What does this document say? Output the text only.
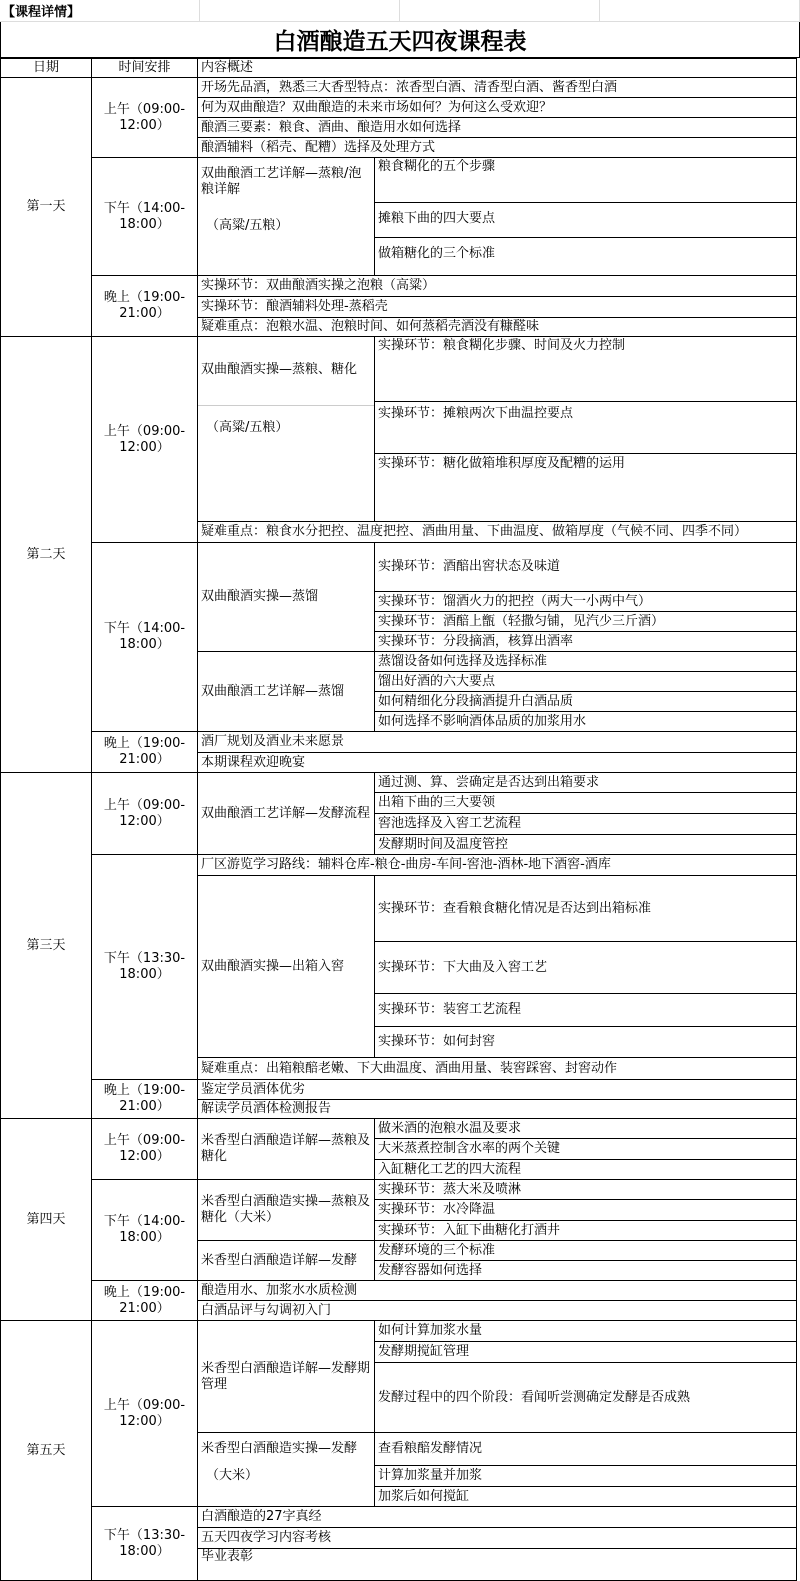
【课程详情】
白酒酿造五天四夜课程表
日期	时间安排	内容概述
第一天
上午（09:00-
12:00）
开场先品酒，熟悉三大香型特点：浓香型白酒、清香型白酒、酱香型白酒
何为双曲酿造？双曲酿造的未来市场如何？为何这么受欢迎？
酿酒三要素：粮食、酒曲、酿造用水如何选择
酿酒辅料（稻壳、配糟）选择及处理方式
下午（14:00-
18:00）
双曲酿酒工艺详解—蒸粮/泡粮详解
（高粱/五粮）
粮食糊化的五个步骤
摊粮下曲的四大要点
做箱糖化的三个标准
晚上（19:00-
21:00）
实操环节：双曲酿酒实操之泡粮（高粱）
实操环节：酿酒辅料处理-蒸稻壳
疑难重点：泡粮水温、泡粮时间、如何蒸稻壳酒没有糠醛味
第二天
上午（09:00-
12:00）
双曲酿酒实操—蒸粮、糖化
（高粱/五粮）
实操环节：粮食糊化步骤、时间及火力控制
实操环节：摊粮两次下曲温控要点
实操环节：糖化做箱堆积厚度及配糟的运用
疑难重点：粮食水分把控、温度把控、酒曲用量、下曲温度、做箱厚度（气候不同、四季不同）
下午（14:00-
18:00）
双曲酿酒实操—蒸馏
实操环节：酒醅出窖状态及味道
实操环节：馏酒火力的把控（两大一小两中气）
实操环节：酒醅上甑（轻撒匀铺，见汽少三斤酒）
实操环节：分段摘酒，核算出酒率
双曲酿酒工艺详解—蒸馏
蒸馏设备如何选择及选择标准
馏出好酒的六大要点
如何精细化分段摘酒提升白酒品质
如何选择不影响酒体品质的加浆用水
晚上（19:00-
21:00）
酒厂规划及酒业未来愿景
本期课程欢迎晚宴
第三天
上午（09:00-
12:00）
双曲酿酒工艺详解—发酵流程
通过测、算、尝确定是否达到出箱要求
出箱下曲的三大要领
窖池选择及入窖工艺流程
发酵期时间及温度管控
下午（13:30-
18:00）
厂区游览学习路线：辅料仓库-粮仓-曲房-车间-窖池-酒林-地下酒窖-酒库
双曲酿酒实操—出箱入窖
实操环节：查看粮食糖化情况是否达到出箱标准
实操环节：下大曲及入窖工艺
实操环节：装窖工艺流程
实操环节：如何封窖
疑难重点：出箱粮醅老嫩、下大曲温度、酒曲用量、装窖踩窖、封窖动作
晚上（19:00-
21:00）
鉴定学员酒体优劣
解读学员酒体检测报告
第四天
上午（09:00-
12:00）
米香型白酒酿造详解—蒸粮及糖化
做米酒的泡粮水温及要求
大米蒸煮控制含水率的两个关键
入缸糖化工艺的四大流程
下午（14:00-
18:00）
米香型白酒酿造实操—蒸粮及糖化（大米）
实操环节：蒸大米及喷淋
实操环节：水冷降温
实操环节：入缸下曲糖化打酒井
米香型白酒酿造详解—发酵
发酵环境的三个标准
发酵容器如何选择
晚上（19:00-
21:00）
酿造用水、加浆水水质检测
白酒品评与勾调初入门
第五天
上午（09:00-
12:00）
米香型白酒酿造详解—发酵期管理
如何计算加浆水量
发酵期搅缸管理
发酵过程中的四个阶段：看闻听尝测确定发酵是否成熟
米香型白酒酿造实操—发酵
（大米）
查看粮醅发酵情况
计算加浆量并加浆
加浆后如何搅缸
下午（13:30-
18:00）
白酒酿造的27字真经
五天四夜学习内容考核
毕业表彰
